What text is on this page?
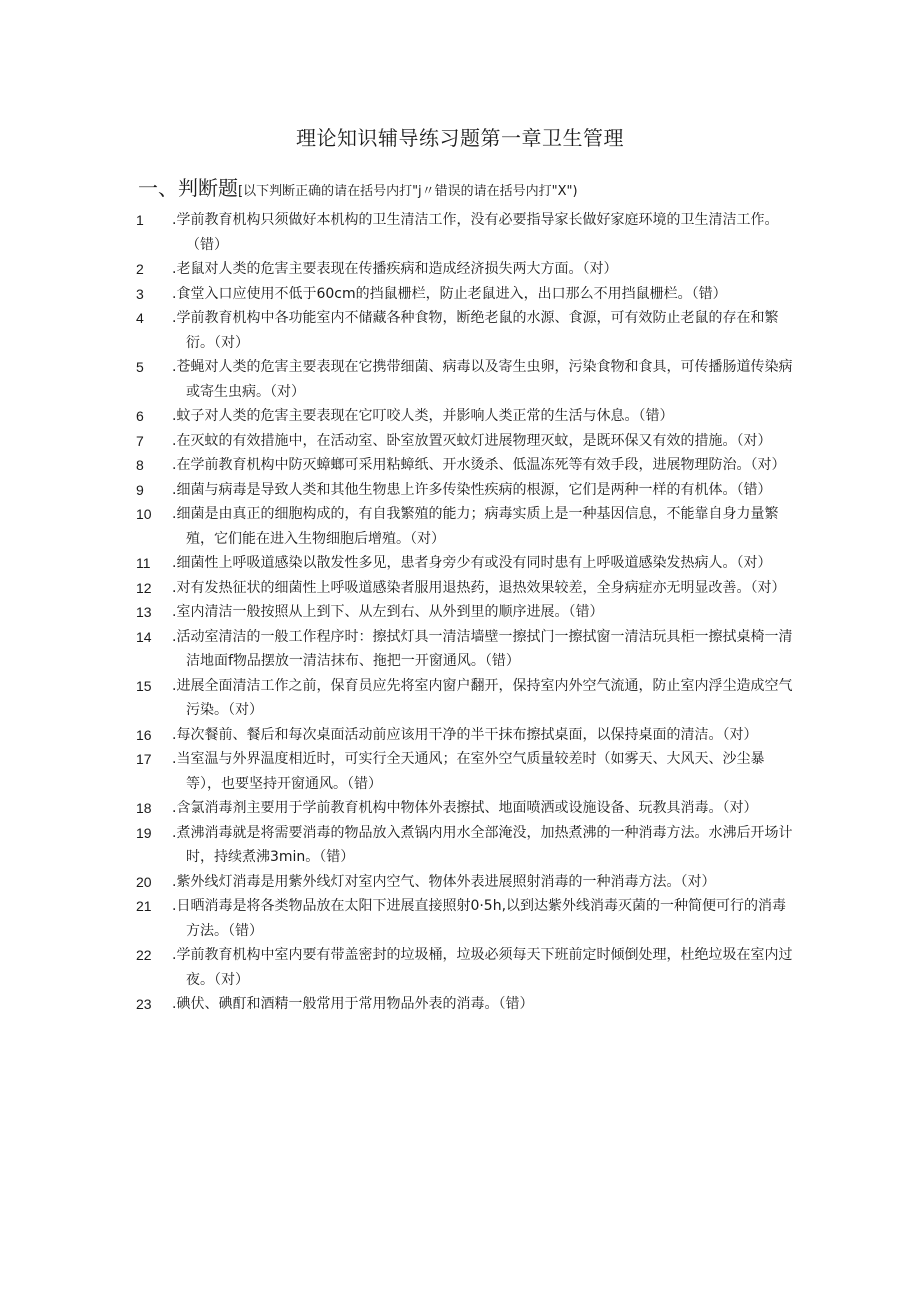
理论知识辅导练习题第一章卫生管理
一、判断题[以下判断正确的请在括号内打"j〃错误的请在括号内打"X")
1	.学前教育机构只须做好本机构的卫生清洁工作，没有必要指导家长做好家庭环境的卫生清洁工作。（错）
2	.老鼠对人类的危害主要表现在传播疾病和造成经济损失两大方面。（对）
3	.食堂入口应使用不低于60cm的挡鼠栅栏，防止老鼠进入，出口那么不用挡鼠栅栏。（错）
4	.学前教育机构中各功能室内不储藏各种食物，断绝老鼠的水源、食源，可有效防止老鼠的存在和繁衍。（对）
5	.苍蝇对人类的危害主要表现在它携带细菌、病毒以及寄生虫卵，污染食物和食具，可传播肠道传染病或寄生虫病。（对）
6	.蚊子对人类的危害主要表现在它叮咬人类，并影响人类正常的生活与休息。（错）
7	.在灭蚊的有效措施中，在活动室、卧室放置灭蚊灯进展物理灭蚊，是既环保又有效的措施。（对）
8	.在学前教育机构中防灭蟑螂可采用粘蟑纸、开水烫杀、低温冻死等有效手段，进展物理防治。（对）
9	.细菌与病毒是导致人类和其他生物患上许多传染性疾病的根源，它们是两种一样的有机体。（错）
10	.细菌是由真正的细胞构成的，有自我繁殖的能力；病毒实质上是一种基因信息，不能靠自身力量繁殖，它们能在进入生物细胞后增殖。（对）
11	.细菌性上呼吸道感染以散发性多见，患者身旁少有或没有同时患有上呼吸道感染发热病人。（对）
12	.对有发热征状的细菌性上呼吸道感染者服用退热药，退热效果较差，全身病症亦无明显改善。（对）
13	.室内清洁一般按照从上到下、从左到右、从外到里的顺序进展。（错）
14	.活动室清洁的一般工作程序时：擦拭灯具一清洁墙壁一擦拭门一擦拭窗一清洁玩具柜一擦拭桌椅一清洁地面f物品摆放一清洁抹布、拖把一开窗通风。（错）
15	.进展全面清洁工作之前，保育员应先将室内窗户翻开，保持室内外空气流通，防止室内浮尘造成空气污染。（对）
16	.每次餐前、餐后和每次桌面活动前应该用干净的半干抹布擦拭桌面，以保持桌面的清洁。（对）
17	.当室温与外界温度相近时，可实行全天通风；在室外空气质量较差时（如雾天、大风天、沙尘暴等），也要坚持开窗通风。（错）
18	.含氯消毒剂主要用于学前教育机构中物体外表擦拭、地面喷洒或设施设备、玩教具消毒。（对）
19	.煮沸消毒就是将需要消毒的物品放入煮锅内用水全部淹没，加热煮沸的一种消毒方法。水沸后开场计时，持续煮沸3min。（错）
20	.紫外线灯消毒是用紫外线灯对室内空气、物体外表进展照射消毒的一种消毒方法。（对）
21	.日晒消毒是将各类物品放在太阳下进展直接照射0·5h,以到达紫外线消毒灭菌的一种简便可行的消毒方法。（错）
22	.学前教育机构中室内要有带盖密封的垃圾桶，垃圾必须每天下班前定时倾倒处理，杜绝垃圾在室内过夜。（对）
23	.碘伏、碘酊和酒精一般常用于常用物品外表的消毒。（错）
